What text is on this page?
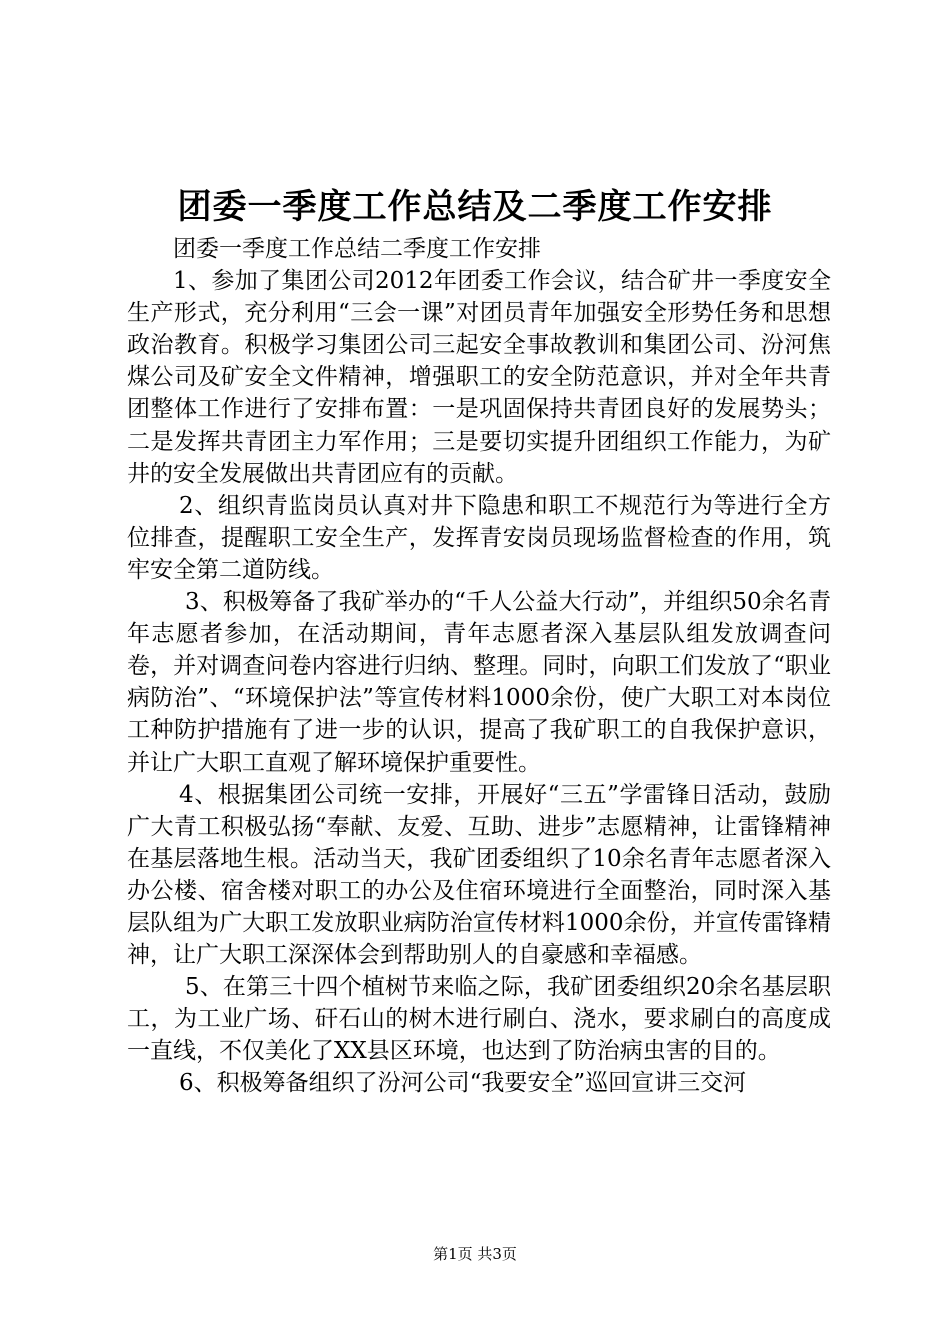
团委一季度工作总结及二季度工作安排

团委一季度工作总结二季度工作安排

1、参加了集团公司2012年团委工作会议，结合矿井一季度安全生产形式，充分利用“三会一课”对团员青年加强安全形势任务和思想政治教育。积极学习集团公司三起安全事故教训和集团公司、汾河焦煤公司及矿安全文件精神，增强职工的安全防范意识，并对全年共青团整体工作进行了安排布置：一是巩固保持共青团良好的发展势头；二是发挥共青团主力军作用；三是要切实提升团组织工作能力，为矿井的安全发展做出共青团应有的贡献。

2、组织青监岗员认真对井下隐患和职工不规范行为等进行全方位排查，提醒职工安全生产，发挥青安岗员现场监督检查的作用，筑牢安全第二道防线。

3、积极筹备了我矿举办的“千人公益大行动”，并组织50余名青年志愿者参加，在活动期间，青年志愿者深入基层队组发放调查问卷，并对调查问卷内容进行归纳、整理。同时，向职工们发放了“职业病防治”、“环境保护法”等宣传材料1000余份，使广大职工对本岗位工种防护措施有了进一步的认识，提高了我矿职工的自我保护意识，并让广大职工直观了解环境保护重要性。

4、根据集团公司统一安排，开展好“三五”学雷锋日活动，鼓励广大青工积极弘扬“奉献、友爱、互助、进步”志愿精神，让雷锋精神在基层落地生根。活动当天，我矿团委组织了10余名青年志愿者深入办公楼、宿舍楼对职工的办公及住宿环境进行全面整治，同时深入基层队组为广大职工发放职业病防治宣传材料1000余份，并宣传雷锋精神，让广大职工深深体会到帮助别人的自豪感和幸福感。

5、在第三十四个植树节来临之际，我矿团委组织20余名基层职工，为工业广场、矸石山的树木进行刷白、浇水，要求刷白的高度成一直线，不仅美化了XX县区环境，也达到了防治病虫害的目的。

6、积极筹备组织了汾河公司“我要安全”巡回宣讲三交河

第1页 共3页
